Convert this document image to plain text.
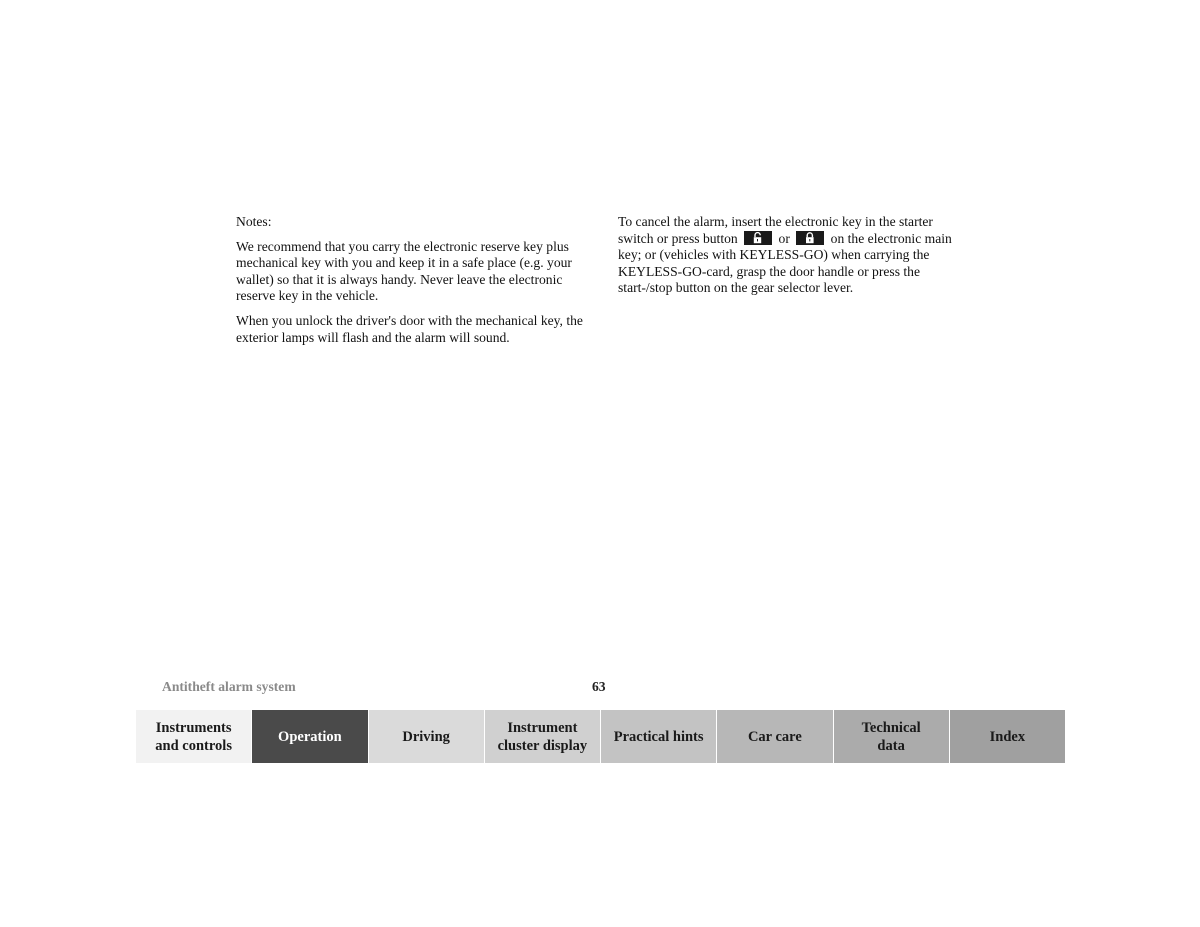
Notes:

We recommend that you carry the electronic reserve key plus mechanical key with you and keep it in a safe place (e.g. your wallet) so that it is always handy. Never leave the electronic reserve key in the vehicle.

When you unlock the driver's door with the mechanical key, the exterior lamps will flash and the alarm will sound.

To cancel the alarm, insert the electronic key in the starter switch or press button	or	on the electronic main key; or (vehicles with KEYLESS-GO) when carrying the KEYLESS-GO-card, grasp the door handle or press the start-/stop button on the gear selector lever.

Antitheft alarm system	63
Instruments
and controls
Operation	Driving
Instrument
cluster display
Practical hints	Car care
Technical
data
Index
